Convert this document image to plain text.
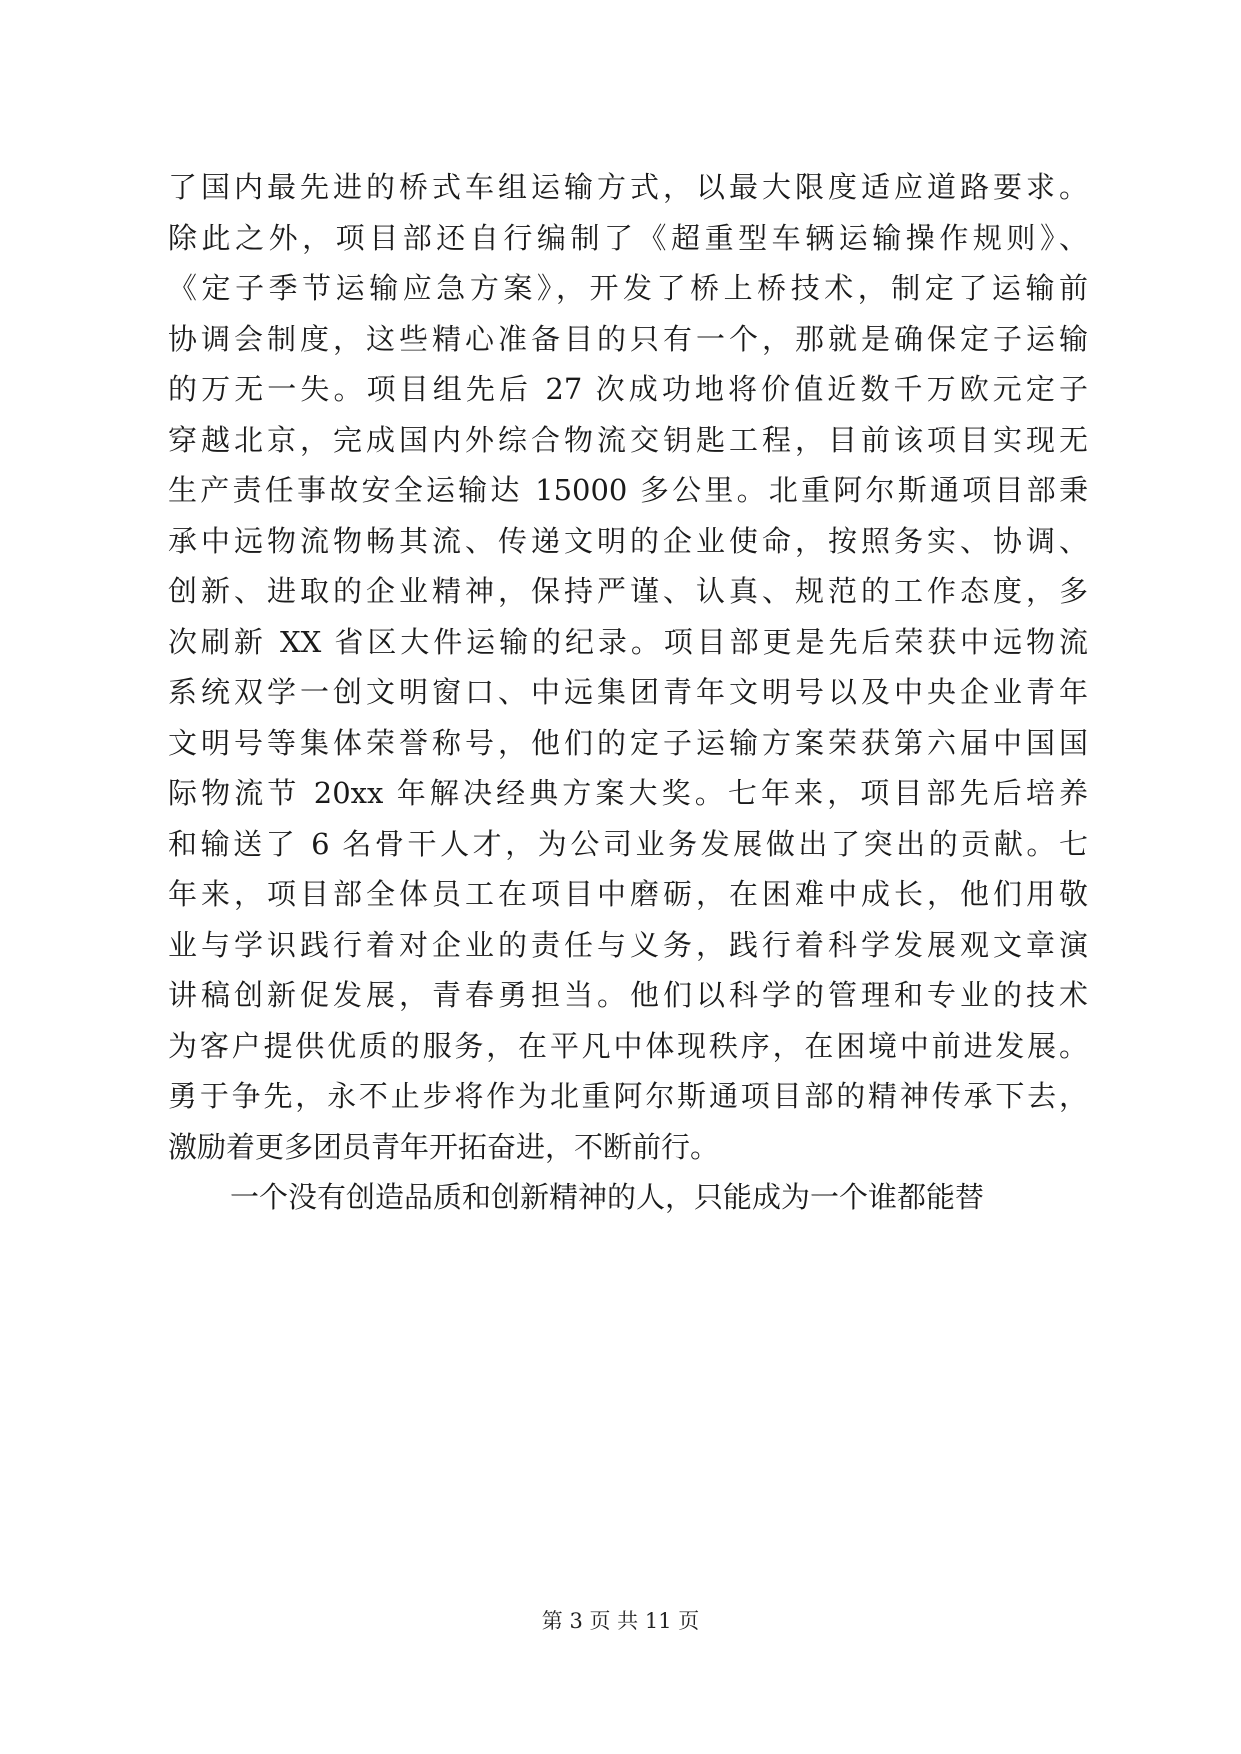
了国内最先进的桥式车组运输方式，以最大限度适应道路要求。
除此之外，项目部还自行编制了《超重型车辆运输操作规则》、
《定子季节运输应急方案》，开发了桥上桥技术，制定了运输前
协调会制度，这些精心准备目的只有一个，那就是确保定子运输
的万无一失。项目组先后 27 次成功地将价值近数千万欧元定子
穿越北京，完成国内外综合物流交钥匙工程，目前该项目实现无
生产责任事故安全运输达 15000 多公里。北重阿尔斯通项目部秉
承中远物流物畅其流、传递文明的企业使命，按照务实、协调、
创新、进取的企业精神，保持严谨、认真、规范的工作态度，多
次刷新 XX 省区大件运输的纪录。项目部更是先后荣获中远物流
系统双学一创文明窗口、中远集团青年文明号以及中央企业青年
文明号等集体荣誉称号，他们的定子运输方案荣获第六届中国国
际物流节 20xx 年解决经典方案大奖。七年来，项目部先后培养
和输送了 6 名骨干人才，为公司业务发展做出了突出的贡献。七
年来，项目部全体员工在项目中磨砺，在困难中成长，他们用敬
业与学识践行着对企业的责任与义务，践行着科学发展观文章演
讲稿创新促发展，青春勇担当。他们以科学的管理和专业的技术
为客户提供优质的服务，在平凡中体现秩序，在困境中前进发展。
勇于争先，永不止步将作为北重阿尔斯通项目部的精神传承下去，
激励着更多团员青年开拓奋进，不断前行。
一个没有创造品质和创新精神的人，只能成为一个谁都能替
第 3 页 共 11 页
